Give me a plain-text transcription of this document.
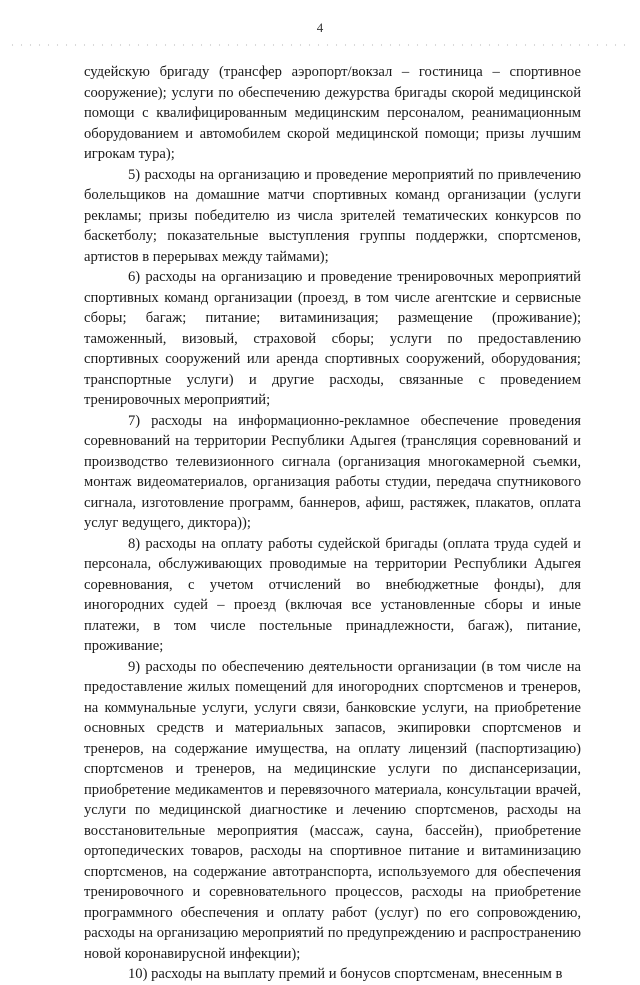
4

судейскую бригаду (трансфер аэропорт/вокзал – гостиница – спортивное сооружение); услуги по обеспечению дежурства бригады скорой медицинской помощи с квалифицированным медицинским персоналом, реанимационным оборудованием и автомобилем скорой медицинской помощи; призы лучшим игрокам тура);

5) расходы на организацию и проведение мероприятий по привлечению болельщиков на домашние матчи спортивных команд организации (услуги рекламы; призы победителю из числа зрителей тематических конкурсов по баскетболу; показательные выступления группы поддержки, спортсменов, артистов в перерывах между таймами);

6) расходы на организацию и проведение тренировочных мероприятий спортивных команд организации (проезд, в том числе агентские и сервисные сборы; багаж; питание; витаминизация; размещение (проживание); таможенный, визовый, страховой сборы; услуги по предоставлению спортивных сооружений или аренда спортивных сооружений, оборудования; транспортные услуги) и другие расходы, связанные с проведением тренировочных мероприятий;

7) расходы на информационно-рекламное обеспечение проведения соревнований на территории Республики Адыгея (трансляция соревнований и производство телевизионного сигнала (организация многокамерной съемки, монтаж видеоматериалов, организация работы студии, передача спутникового сигнала, изготовление программ, баннеров, афиш, растяжек, плакатов, оплата услуг ведущего, диктора));

8) расходы на оплату работы судейской бригады (оплата труда судей и персонала, обслуживающих проводимые на территории Республики Адыгея соревнования, с учетом отчислений во внебюджетные фонды), для иногородних судей – проезд (включая все установленные сборы и иные платежи, в том числе постельные принадлежности, багаж), питание, проживание;

9) расходы по обеспечению деятельности организации (в том числе на предоставление жилых помещений для иногородних спортсменов и тренеров, на коммунальные услуги, услуги связи, банковские услуги, на приобретение основных средств и материальных запасов, экипировки спортсменов и тренеров, на содержание имущества, на оплату лицензий (паспортизацию) спортсменов и тренеров, на медицинские услуги по диспансеризации, приобретение медикаментов и перевязочного материала, консультации врачей, услуги по медицинской диагностике и лечению спортсменов, расходы на восстановительные мероприятия (массаж, сауна, бассейн), приобретение ортопедических товаров, расходы на спортивное питание и витаминизацию спортсменов, на содержание автотранспорта, используемого для обеспечения тренировочного и соревновательного процессов, расходы на приобретение программного обеспечения и оплату работ (услуг) по его сопровождению, расходы на организацию мероприятий по предупреждению и распространению новой коронавирусной инфекции);

10) расходы на выплату премий и бонусов спортсменам, внесенным в
